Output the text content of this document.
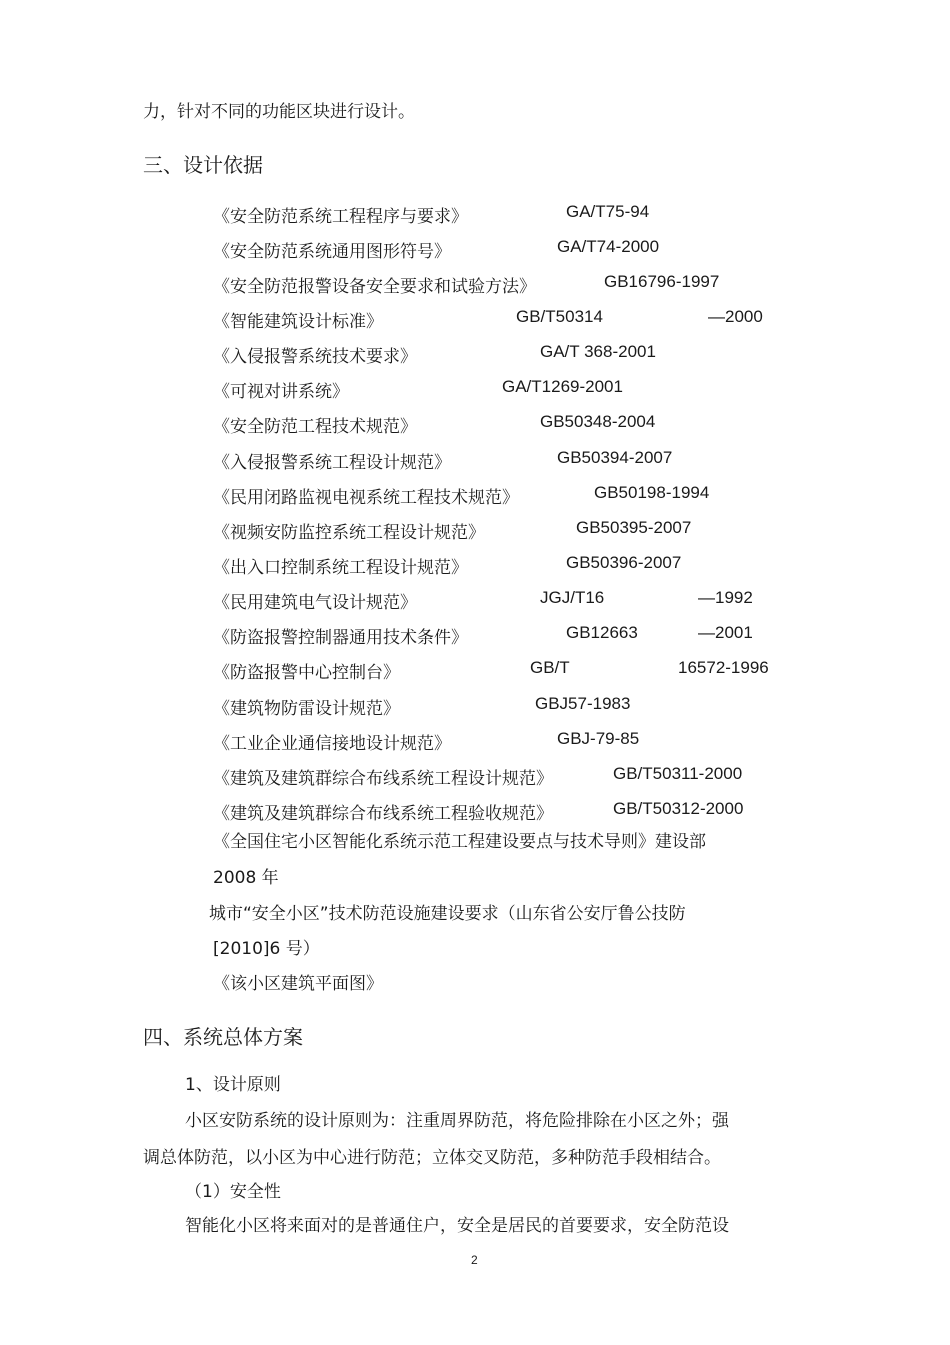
力，针对不同的功能区块进行设计。
三、设计依据
《安全防范系统工程程序与要求》	GA/T75-94
《安全防范系统通用图形符号》	GA/T74-2000
《安全防范报警设备安全要求和试验方法》	GB16796-1997
《智能建筑设计标准》	GB/T50314	—2000
《入侵报警系统技术要求》	GA/T 368-2001
《可视对讲系统》	GA/T1269-2001
《安全防范工程技术规范》	GB50348-2004
《入侵报警系统工程设计规范》	GB50394-2007
《民用闭路监视电视系统工程技术规范》	GB50198-1994
《视频安防监控系统工程设计规范》	GB50395-2007
《出入口控制系统工程设计规范》	GB50396-2007
《民用建筑电气设计规范》	JGJ/T16	—1992
《防盗报警控制器通用技术条件》	GB12663	—2001
《防盗报警中心控制台》	GB/T	16572-1996
《建筑物防雷设计规范》	GBJ57-1983
《工业企业通信接地设计规范》	GBJ-79-85
《建筑及建筑群综合布线系统工程设计规范》	GB/T50311-2000
《建筑及建筑群综合布线系统工程验收规范》	GB/T50312-2000
《全国住宅小区智能化系统示范工程建设要点与技术导则》建设部
2008 年
城市“安全小区”技术防范设施建设要求（山东省公安厅鲁公技防
[2010]6 号）
《该小区建筑平面图》
四、系统总体方案
1、设计原则
小区安防系统的设计原则为：注重周界防范，将危险排除在小区之外；强
调总体防范，以小区为中心进行防范；立体交叉防范，多种防范手段相结合。
（1）安全性
智能化小区将来面对的是普通住户，安全是居民的首要要求，安全防范设
2
